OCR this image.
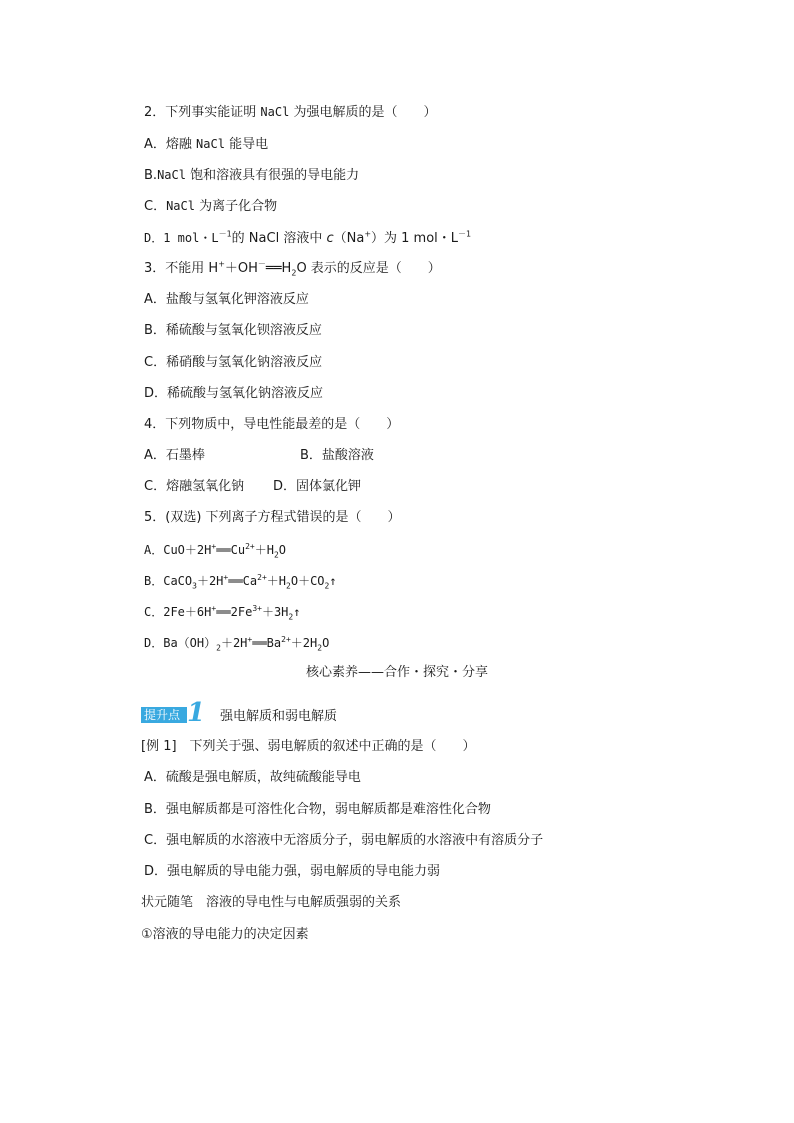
2．下列事实能证明 NaCl 为强电解质的是（　　）
A．熔融 NaCl 能导电
B.NaCl 饱和溶液具有很强的导电能力
C．NaCl 为离子化合物
D．1 mol・$L^{-1}$的 NaCl 溶液中 c（Na+）为 1 mol・$L^{-1}$
3．不能用 $H^++OH^-══H_2O$ 表示的反应是（　　）
A．盐酸与氢氧化钾溶液反应
B．稀硫酸与氢氧化钡溶液反应
C．稀硝酸与氢氧化钠溶液反应
D．稀硫酸与氢氧化钠溶液反应
4．下列物质中，导电性能最差的是（　　）
A．石墨棒	B．盐酸溶液
C．熔融氢氧化钠 D．固体氯化钾
5．(双选) 下列离子方程式错误的是（　　）
A．$CuO+2H^+══Cu^{2+}+H_2O$
B．$CaCO_3+2H^+══Ca^{2+}+H_2O+CO_2↑$
C．$2Fe+6H^+══2Fe^{3+}+3H_2↑$
D．$Ba(OH)_2+2H^+══Ba^{2+}+2H_2O$
核心素养——合作・探究・分享
提升点 1 强电解质和弱电解质
[例 1]　下列关于强、弱电解质的叙述中正确的是（　　）
A．硫酸是强电解质，故纯硫酸能导电
B．强电解质都是可溶性化合物，弱电解质都是难溶性化合物
C．强电解质的水溶液中无溶质分子，弱电解质的水溶液中有溶质分子
D．强电解质的导电能力强，弱电解质的导电能力弱
状元随笔　溶液的导电性与电解质强弱的关系
①溶液的导电能力的决定因素
